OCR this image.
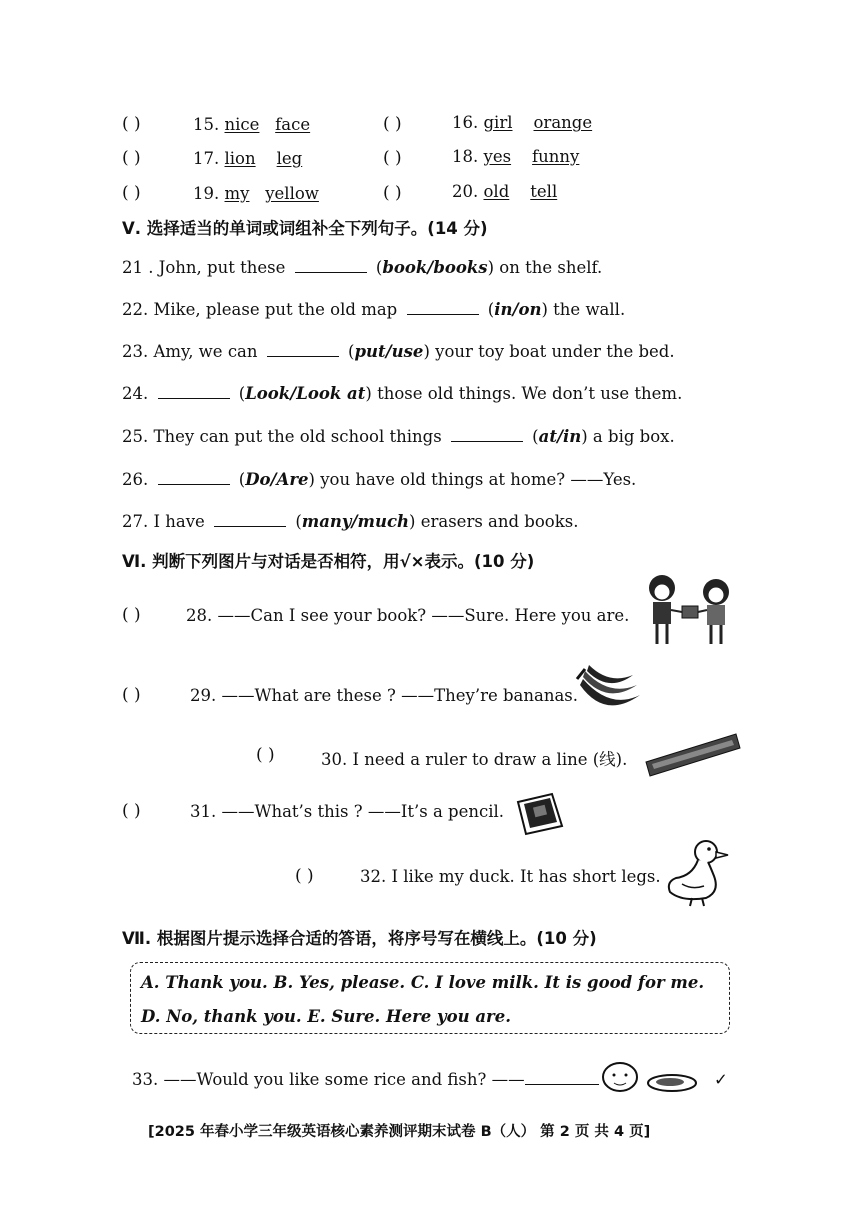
( )	15. nice face	( )	16. girl orange
( )	17. lion leg	( )	18. yes funny
( )	19. my yellow	( )	20. old tell
Ⅴ. 选择适当的单词或词组补全下列句子。(14 分)
21 . John, put these	(book/books) on the shelf.
22. Mike, please put the old map	(in/on) the wall.
23. Amy, we can	(put/use) your toy boat under the bed.
24.	(Look/Look at) those old things. We don’t use them.
25. They can put the old school things	(at/in) a big box.
26.	(Do/Are) you have old things at home? ——Yes.
27. I have	(many/much) erasers and books.
Ⅵ. 判断下列图片与对话是否相符，用√×表示。(10 分)
( )	28. ——Can I see your book? ——Sure. Here you are.
( )	29. ——What are these ? ——They’re bananas.
( )	30. I need a ruler to draw a line (线).
( )	31. ——What’s this ? ——It’s a pencil.
( )	32. I like my duck. It has short legs.
Ⅶ. 根据图片提示选择合适的答语，将序号写在横线上。(10 分)
A. Thank you. B. Yes, please. C. I love milk. It is good for me.
D. No, thank you. E. Sure. Here you are.
33. ——Would you like some rice and fish? ——	✓
[2025 年春小学三年级英语核心素养测评期末试卷 B（人） 第 2 页 共 4 页]
